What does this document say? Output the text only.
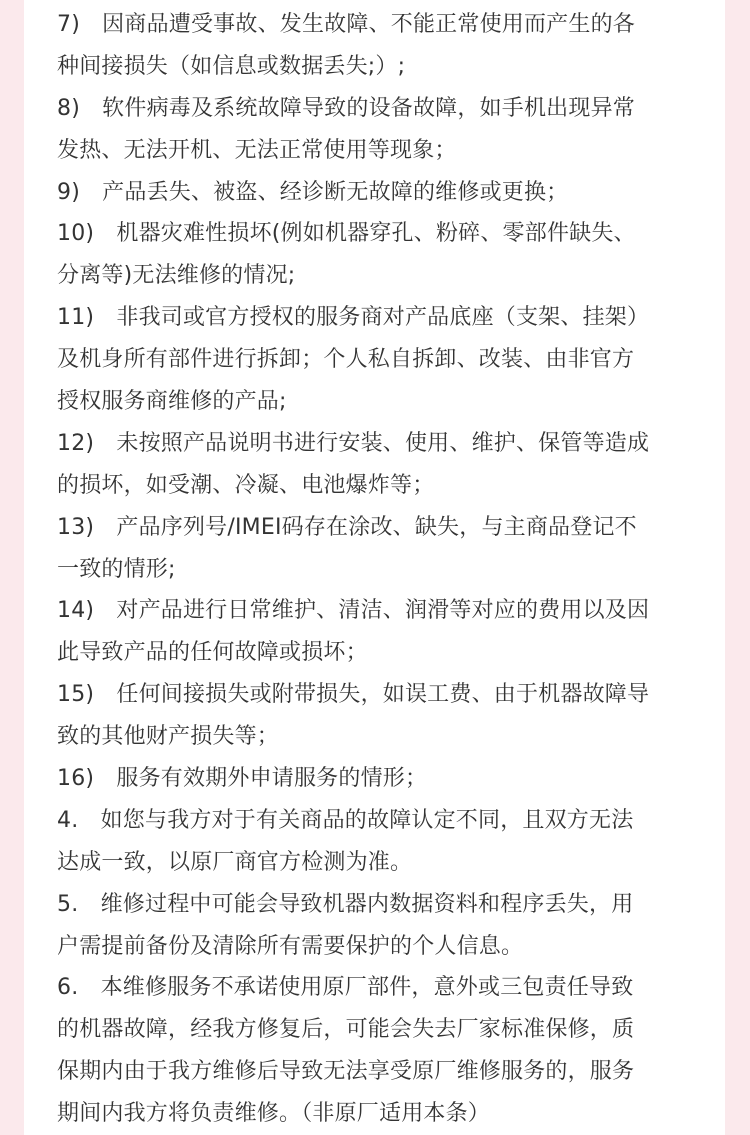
7)　因商品遭受事故、发生故障、不能正常使用而产生的各
种间接损失（如信息或数据丢失;）;
8)　软件病毒及系统故障导致的设备故障，如手机出现异常
发热、无法开机、无法正常使用等现象；
9)　产品丢失、被盗、经诊断无故障的维修或更换；
10)　机器灾难性损坏(例如机器穿孔、粉碎、零部件缺失、
分离等)无法维修的情况;
11)　非我司或官方授权的服务商对产品底座（支架、挂架）
及机身所有部件进行拆卸；个人私自拆卸、改装、由非官方
授权服务商维修的产品;
12)　未按照产品说明书进行安装、使用、维护、保管等造成
的损坏，如受潮、冷凝、电池爆炸等；
13)　产品序列号/IMEI码存在涂改、缺失，与主商品登记不
一致的情形;
14)　对产品进行日常维护、清洁、润滑等对应的费用以及因
此导致产品的任何故障或损坏；
15)　任何间接损失或附带损失，如误工费、由于机器故障导
致的其他财产损失等；
16)　服务有效期外申请服务的情形；
4.　如您与我方对于有关商品的故障认定不同，且双方无法
达成一致，以原厂商官方检测为准。
5.　维修过程中可能会导致机器内数据资料和程序丢失，用
户需提前备份及清除所有需要保护的个人信息。
6.　本维修服务不承诺使用原厂部件，意外或三包责任导致
的机器故障，经我方修复后，可能会失去厂家标准保修，质
保期内由于我方维修后导致无法享受原厂维修服务的，服务
期间内我方将负责维修。（非原厂适用本条）
